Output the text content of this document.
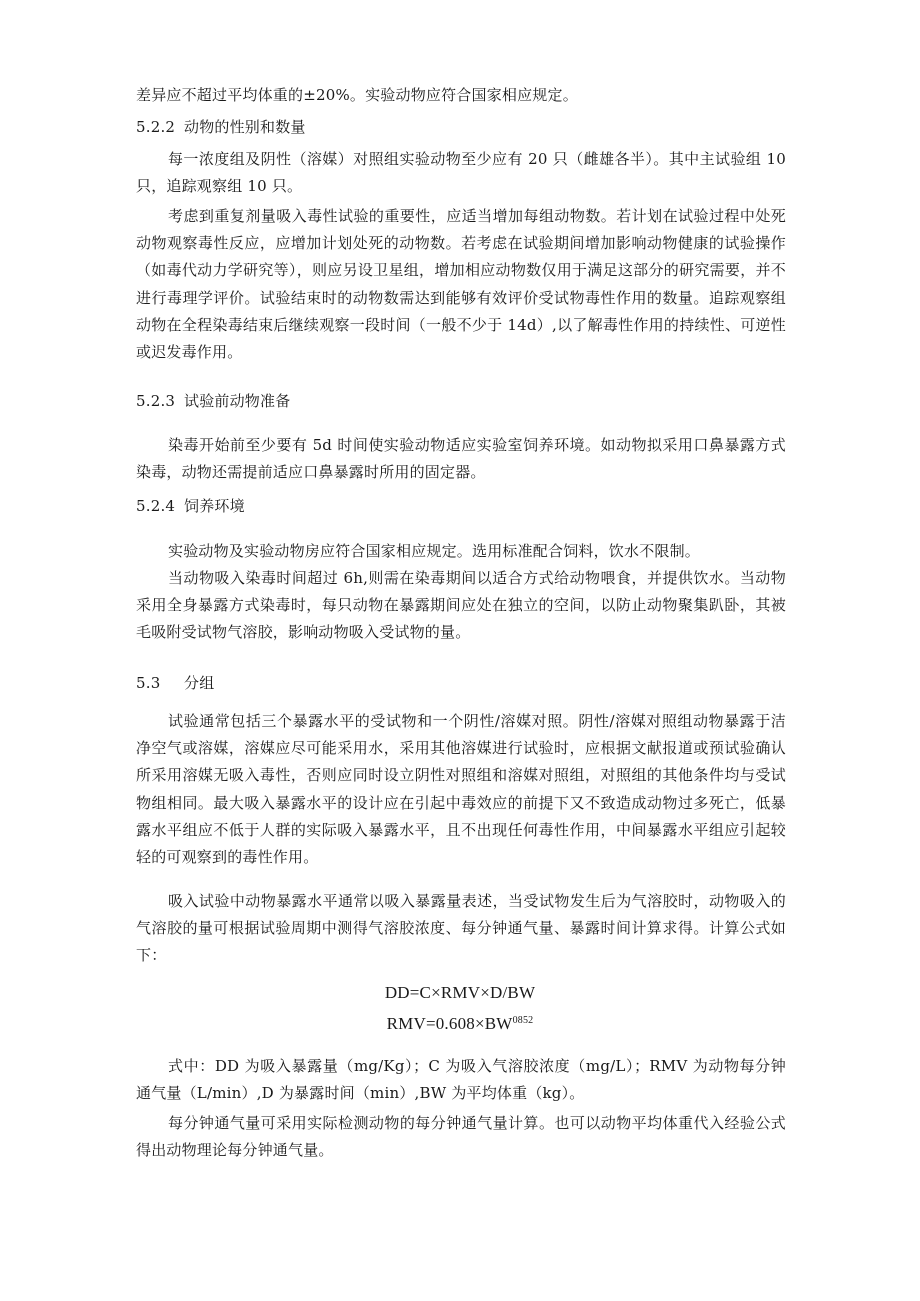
差异应不超过平均体重的±20%。实验动物应符合国家相应规定。

5.2.2 动物的性别和数量

每一浓度组及阴性（溶媒）对照组实验动物至少应有 20 只（雌雄各半）。其中主试验组 10 只，追踪观察组 10 只。

考虑到重复剂量吸入毒性试验的重要性，应适当增加每组动物数。若计划在试验过程中处死动物观察毒性反应，应增加计划处死的动物数。若考虑在试验期间增加影响动物健康的试验操作（如毒代动力学研究等），则应另设卫星组，增加相应动物数仅用于满足这部分的研究需要，并不进行毒理学评价。试验结束时的动物数需达到能够有效评价受试物毒性作用的数量。追踪观察组动物在全程染毒结束后继续观察一段时间（一般不少于 14d）,以了解毒性作用的持续性、可逆性或迟发毒作用。

5.2.3 试验前动物准备

染毒开始前至少要有 5d 时间使实验动物适应实验室饲养环境。如动物拟采用口鼻暴露方式染毒，动物还需提前适应口鼻暴露时所用的固定器。

5.2.4 饲养环境

实验动物及实验动物房应符合国家相应规定。选用标准配合饲料，饮水不限制。

当动物吸入染毒时间超过 6h,则需在染毒期间以适合方式给动物喂食，并提供饮水。当动物采用全身暴露方式染毒时，每只动物在暴露期间应处在独立的空间，以防止动物聚集趴卧，其被毛吸附受试物气溶胶，影响动物吸入受试物的量。

5.3	分组

试验通常包括三个暴露水平的受试物和一个阴性/溶媒对照。阴性/溶媒对照组动物暴露于洁净空气或溶媒，溶媒应尽可能采用水，采用其他溶媒进行试验时，应根据文献报道或预试验确认所采用溶媒无吸入毒性，否则应同时设立阴性对照组和溶媒对照组，对照组的其他条件均与受试物组相同。最大吸入暴露水平的设计应在引起中毒效应的前提下又不致造成动物过多死亡，低暴露水平组应不低于人群的实际吸入暴露水平，且不出现任何毒性作用，中间暴露水平组应引起较轻的可观察到的毒性作用。

吸入试验中动物暴露水平通常以吸入暴露量表述，当受试物发生后为气溶胶时，动物吸入的气溶胶的量可根据试验周期中测得气溶胶浓度、每分钟通气量、暴露时间计算求得。计算公式如下：

DD=C×RMV×D/BW
$RMV=0.608\times BW^{0852}$

式中：DD 为吸入暴露量（mg/Kg）；C 为吸入气溶胶浓度（mg/L）；RMV 为动物每分钟通气量（L/min）,D 为暴露时间（min）,BW 为平均体重（kg）。

每分钟通气量可采用实际检测动物的每分钟通气量计算。也可以动物平均体重代入经验公式得出动物理论每分钟通气量。
